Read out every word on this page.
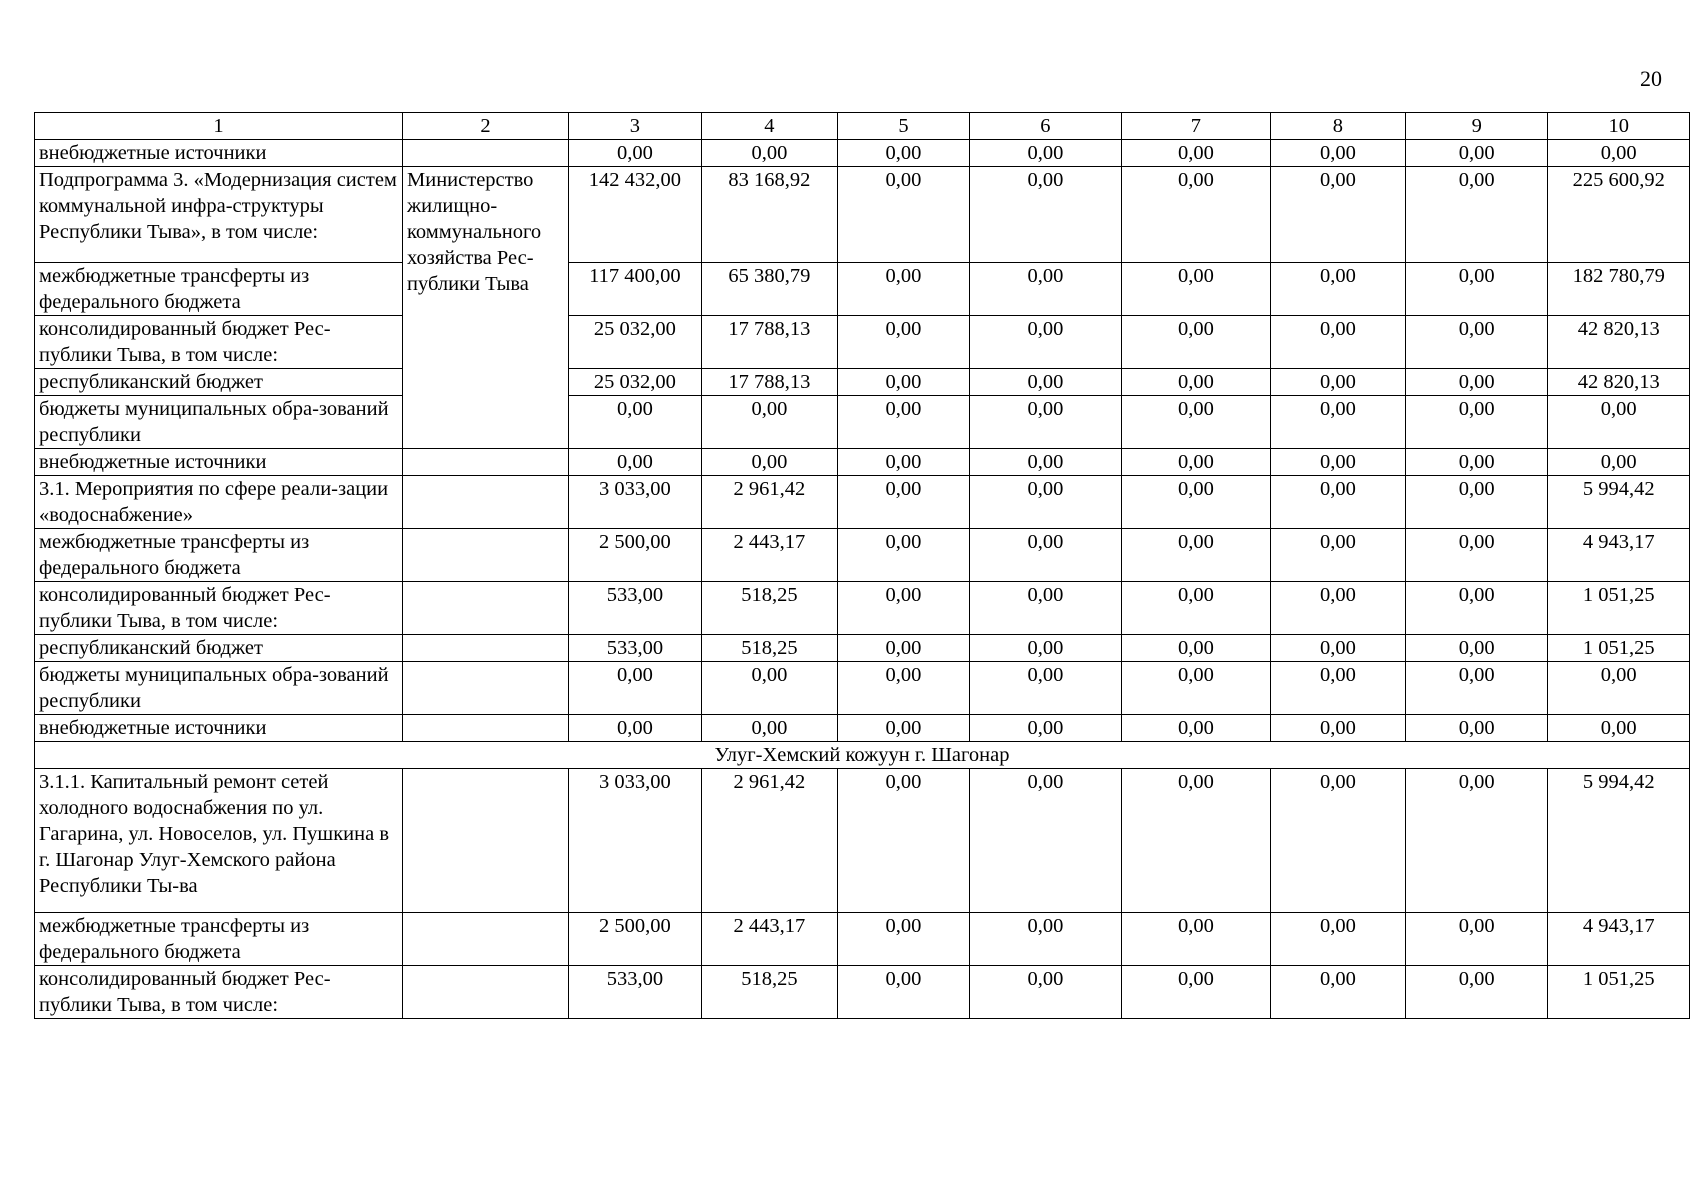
20
1	2	3	4	5	6	7	8	9	10
внебюджетные источники		0,00	0,00	0,00	0,00	0,00	0,00	0,00	0,00
Подпрограмма 3. «Модернизация систем коммунальной инфра-структуры Республики Тыва», в том числе:	Министерство жилищно-коммунального хозяйства Рес-публики Тыва	142 432,00	83 168,92	0,00	0,00	0,00	0,00	0,00	225 600,92
межбюджетные трансферты из федерального бюджета		117 400,00	65 380,79	0,00	0,00	0,00	0,00	0,00	182 780,79
консолидированный бюджет Рес-публики Тыва, в том числе:		25 032,00	17 788,13	0,00	0,00	0,00	0,00	0,00	42 820,13
республиканский бюджет		25 032,00	17 788,13	0,00	0,00	0,00	0,00	0,00	42 820,13
бюджеты муниципальных обра-зований республики		0,00	0,00	0,00	0,00	0,00	0,00	0,00	0,00
внебюджетные источники		0,00	0,00	0,00	0,00	0,00	0,00	0,00	0,00
3.1. Мероприятия по сфере реали-зации «водоснабжение»		3 033,00	2 961,42	0,00	0,00	0,00	0,00	0,00	5 994,42
межбюджетные трансферты из федерального бюджета		2 500,00	2 443,17	0,00	0,00	0,00	0,00	0,00	4 943,17
консолидированный бюджет Рес-публики Тыва, в том числе:		533,00	518,25	0,00	0,00	0,00	0,00	0,00	1 051,25
республиканский бюджет		533,00	518,25	0,00	0,00	0,00	0,00	0,00	1 051,25
бюджеты муниципальных обра-зований республики		0,00	0,00	0,00	0,00	0,00	0,00	0,00	0,00
внебюджетные источники		0,00	0,00	0,00	0,00	0,00	0,00	0,00	0,00
Улуг-Хемский кожуун г. Шагонар									
3.1.1. Капитальный ремонт сетей холодного водоснабжения по ул. Гагарина, ул. Новоселов, ул. Пушкина в г. Шагонар Улуг-Хемского района Республики Ты-ва		3 033,00	2 961,42	0,00	0,00	0,00	0,00	0,00	5 994,42
межбюджетные трансферты из федерального бюджета		2 500,00	2 443,17	0,00	0,00	0,00	0,00	0,00	4 943,17
консолидированный бюджет Рес-публики Тыва, в том числе:		533,00	518,25	0,00	0,00	0,00	0,00	0,00	1 051,25
